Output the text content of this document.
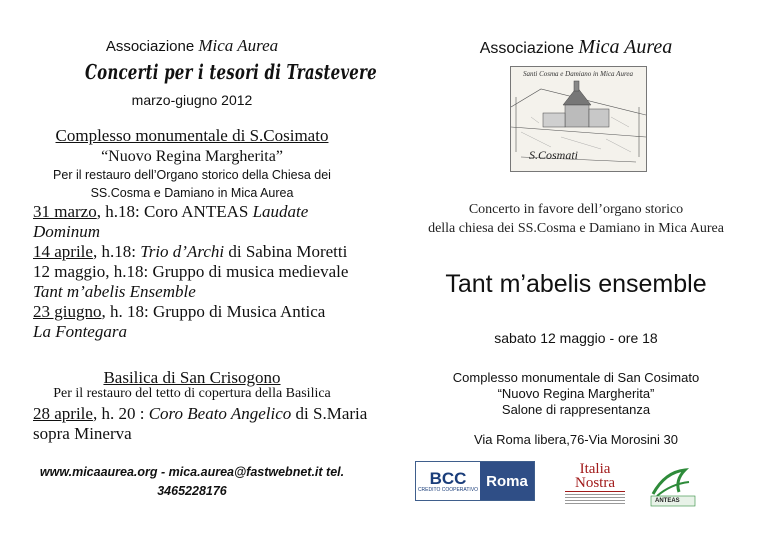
Associazione Mica Aurea
Concerti per i tesori di Trastevere
marzo-giugno 2012
Complesso monumentale di S.Cosimato
“Nuovo Regina Margherita”
Per il restauro dell’Organo storico della Chiesa dei
SS.Cosma e Damiano in Mica Aurea
31 marzo, h.18: Coro ANTEAS Laudate Dominum
14 aprile, h.18: Trio d’Archi di Sabina Moretti
12 maggio, h.18: Gruppo di musica medievale
Tant m’abelis Ensemble
23 giugno, h. 18: Gruppo di Musica Antica
La Fontegara
Basilica di San Crisogono
Per il restauro del tetto di copertura della Basilica
28 aprile, h. 20 : Coro Beato Angelico di S.Maria sopra Minerva
www.micaaurea.org - mica.aurea@fastwebnet.it tel.
3465228176
Associazione Mica Aurea
Santi Cosma e Damiano in Mica Aurea
S.Cosmati
Concerto in favore dell’organo storico
della chiesa dei SS.Cosma e Damiano in Mica Aurea
Tant m’abelis ensemble
sabato 12 maggio - ore 18
Complesso monumentale di San Cosimato
“Nuovo Regina Margherita”
Salone di rappresentanza
Via Roma libera,76-Via Morosini 30
BCC
CREDITO COOPERATIVO Roma
Italia
Nostra
ANTEAS
